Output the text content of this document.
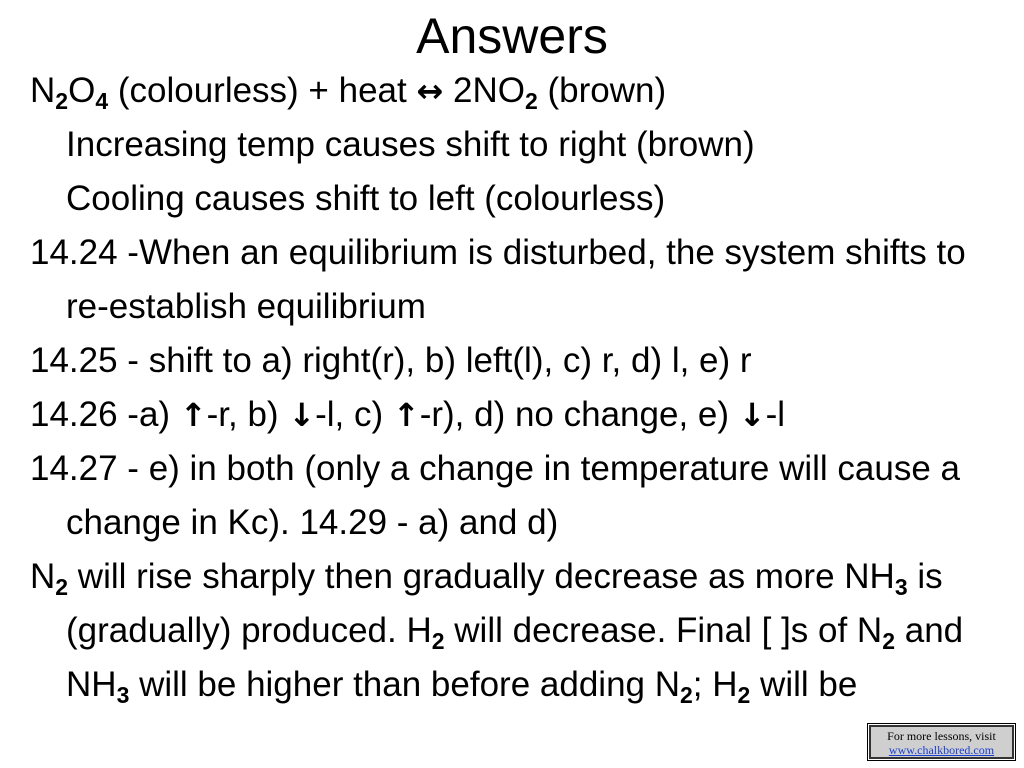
Answers

$N_2O_4$ (colourless) + heat ↔ $2NO_2$ (brown)
Increasing temp causes shift to right (brown)
Cooling causes shift to left (colourless)

14.24 -When an equilibrium is disturbed, the system shifts to re-establish equilibrium

14.25 - shift to a) right(r), b) left(l), c) r, d) l, e) r

14.26 -a) ↑-r, b) ↓-l, c) ↑-r), d) no change, e) ↓-l

14.27 - e) in both (only a change in temperature will cause a change in Kc). 14.29 - a) and d)

$N_2$ will rise sharply then gradually decrease as more $NH_3$ is (gradually) produced. $H_2$ will decrease. Final [ ]s of $N_2$ and $NH_3$ will be higher than before adding $N_2$; $H_2$ will be

For more lessons, visit
www.chalkbored.com
